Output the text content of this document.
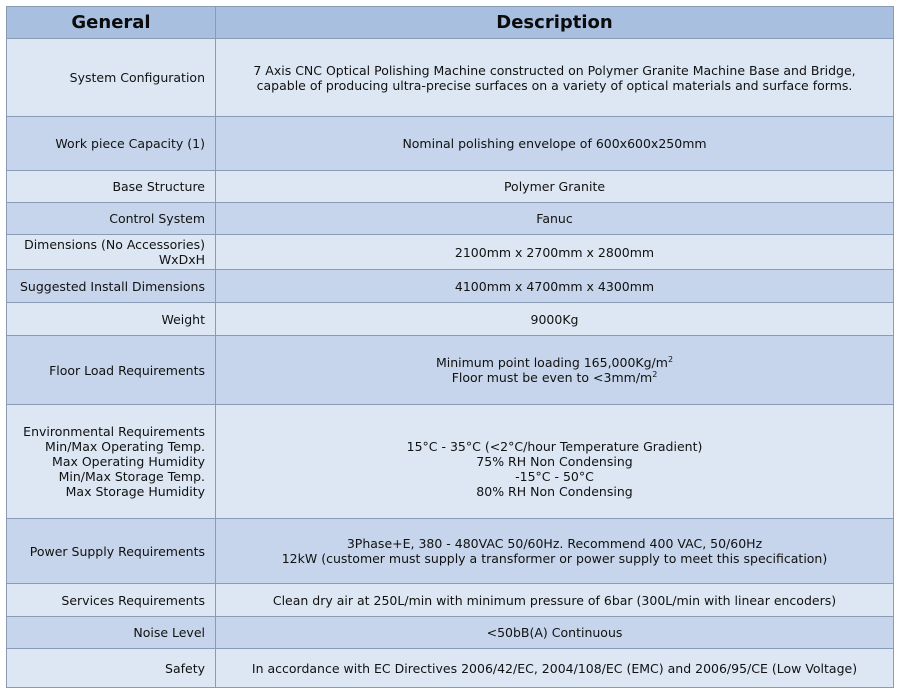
General	Description

System Configuration	7 Axis CNC Optical Polishing Machine constructed on Polymer Granite Machine Base and Bridge,
capable of producing ultra-precise surfaces on a variety of optical materials and surface forms.

Work piece Capacity (1)	Nominal polishing envelope of 600x600x250mm

Base Structure	Polymer Granite

Control System	Fanuc

Dimensions (No Accessories)
WxDxH	2100mm x 2700mm x 2800mm

Suggested Install Dimensions	4100mm x 4700mm x 4300mm

Weight	9000Kg

Floor Load Requirements	Minimum point loading $165,000Kg/m^2$
Floor must be even to $<3mm/m^2$

Environmental Requirements
Min/Max Operating Temp.
Max Operating Humidity
Min/Max Storage Temp.
Max Storage Humidity	15°C - 35°C (<2°C/hour Temperature Gradient)
75% RH Non Condensing
-15°C - 50°C
80% RH Non Condensing

Power Supply Requirements	3Phase+E, 380 - 480VAC 50/60Hz. Recommend 400 VAC, 50/60Hz
12kW (customer must supply a transformer or power supply to meet this specification)

Services Requirements	Clean dry air at 250L/min with minimum pressure of 6bar (300L/min with linear encoders)

Noise Level	<50bB(A) Continuous

Safety	In accordance with EC Directives 2006/42/EC, 2004/108/EC (EMC) and 2006/95/CE (Low Voltage)
